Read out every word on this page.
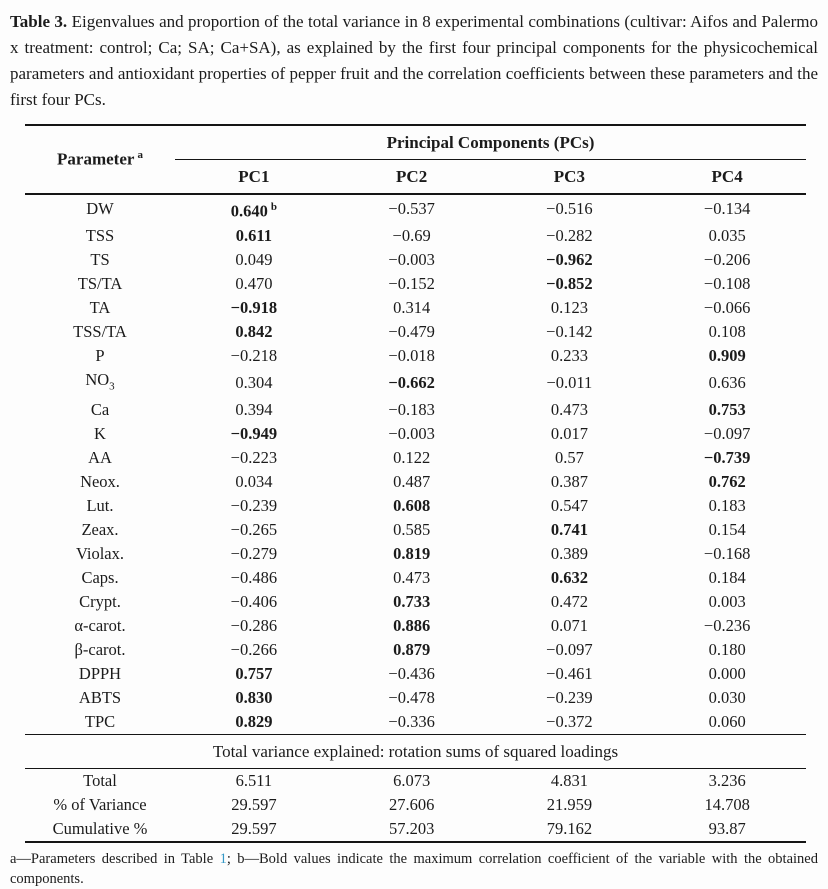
Table 3. Eigenvalues and proportion of the total variance in 8 experimental combinations (cultivar: Aifos and Palermo x treatment: control; Ca; SA; Ca+SA), as explained by the first four principal components for the physicochemical parameters and antioxidant properties of pepper fruit and the correlation coefficients between these parameters and the first four PCs.

Parameter $^a$	Principal Components (PCs)			
	PC1	PC2	PC3	PC4
DW	0.640 $^b$	−0.537	−0.516	−0.134
TSS	0.611	−0.69	−0.282	0.035
TS	0.049	−0.003	−0.962	−0.206
TS/TA	0.470	−0.152	−0.852	−0.108
TA	−0.918	0.314	0.123	−0.066
TSS/TA	0.842	−0.479	−0.142	0.108
P	−0.218	−0.018	0.233	0.909
$NO_3$	0.304	−0.662	−0.011	0.636
Ca	0.394	−0.183	0.473	0.753
K	−0.949	−0.003	0.017	−0.097
AA	−0.223	0.122	0.57	−0.739
Neox.	0.034	0.487	0.387	0.762
Lut.	−0.239	0.608	0.547	0.183
Zeax.	−0.265	0.585	0.741	0.154
Violax.	−0.279	0.819	0.389	−0.168
Caps.	−0.486	0.473	0.632	0.184
Crypt.	−0.406	0.733	0.472	0.003
α-carot.	−0.286	0.886	0.071	−0.236
β-carot.	−0.266	0.879	−0.097	0.180
DPPH	0.757	−0.436	−0.461	0.000
ABTS	0.830	−0.478	−0.239	0.030
TPC	0.829	−0.336	−0.372	0.060
Total variance explained: rotation sums of squared loadings				
Total	6.511	6.073	4.831	3.236
% of Variance	29.597	27.606	21.959	14.708
Cumulative %	29.597	57.203	79.162	93.87

a—Parameters described in Table 1; b—Bold values indicate the maximum correlation coefficient of the variable with the obtained components.
